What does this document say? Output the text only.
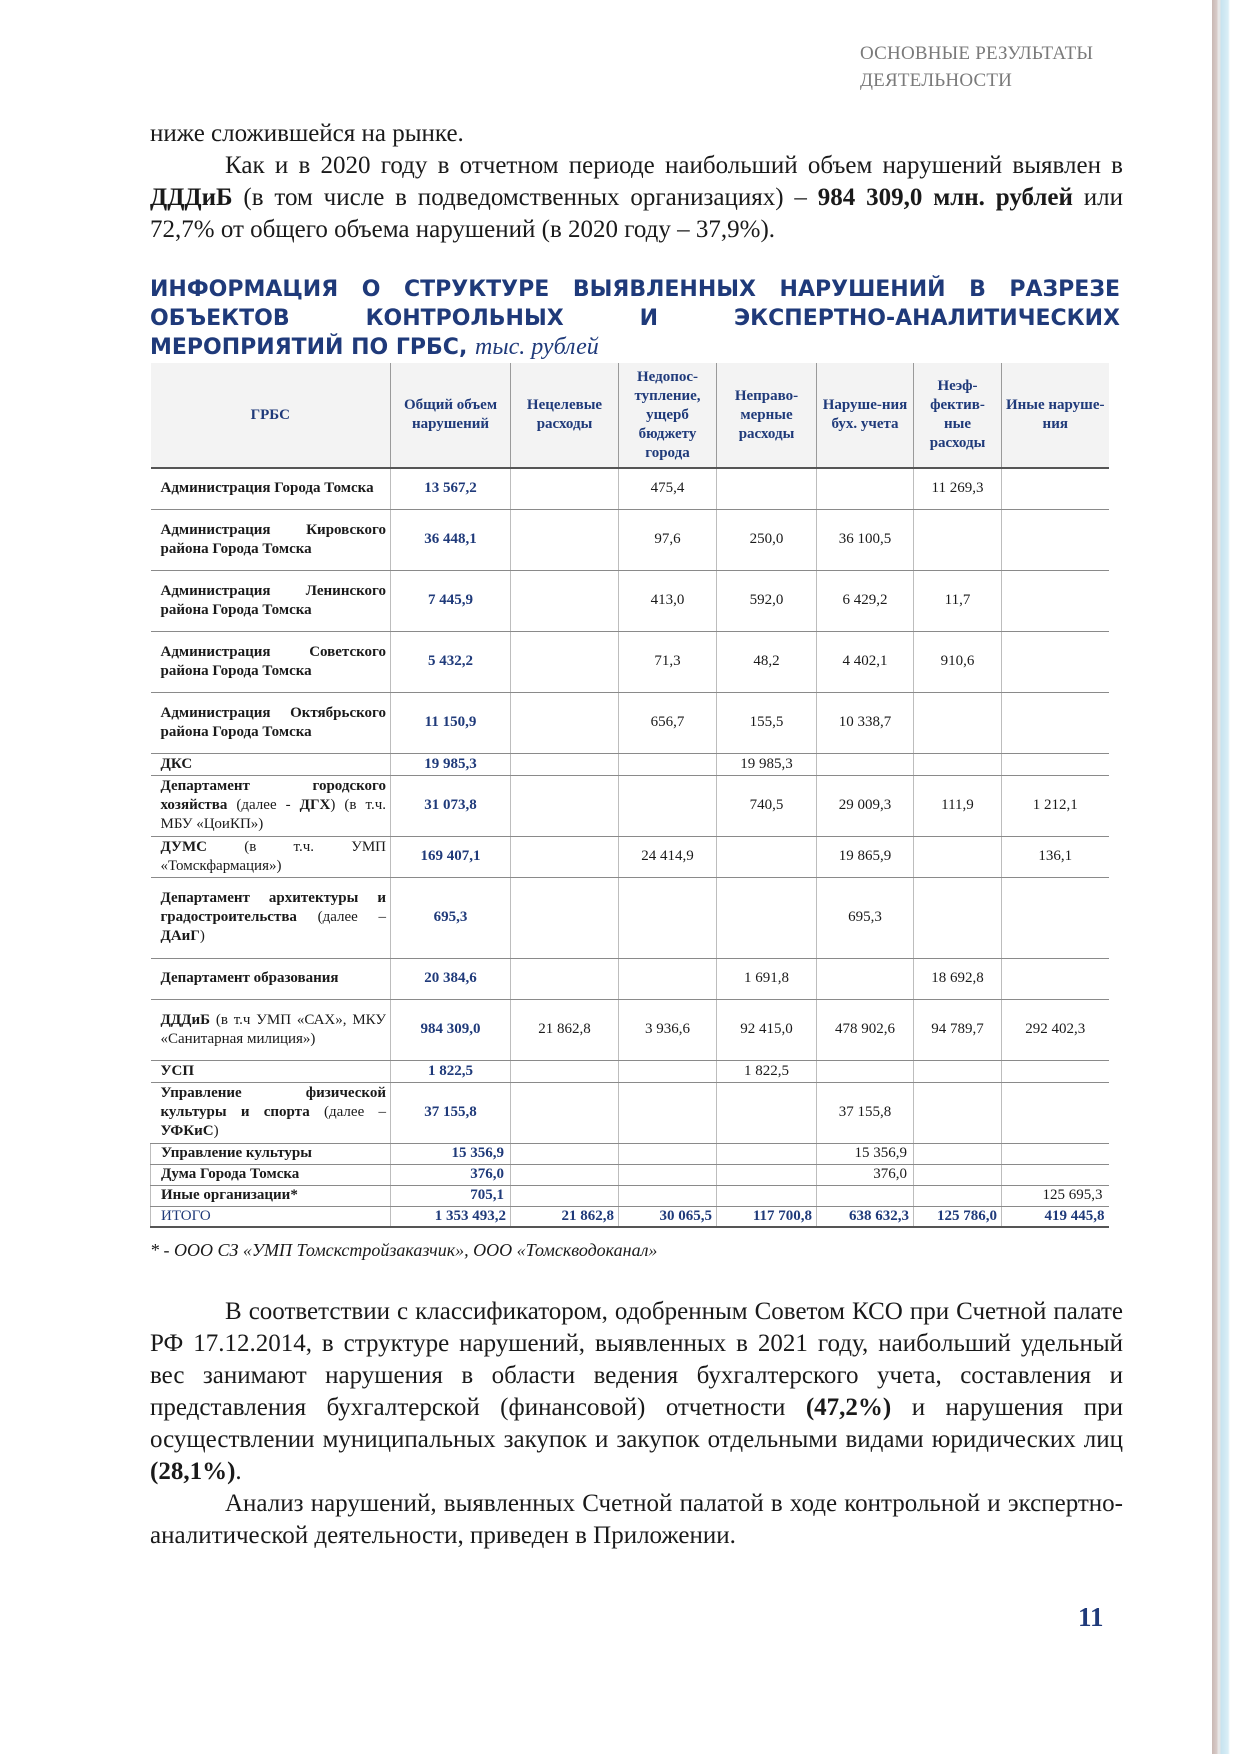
ОСНОВНЫЕ РЕЗУЛЬТАТЫ
ДЕЯТЕЛЬНОСТИ
ниже сложившейся на рынке.
Как и в 2020 году в отчетном периоде наибольший объем нарушений выявлен в ДДДиБ (в том числе в подведомственных организациях) – 984 309,0 млн. рублей или 72,7% от общего объема нарушений (в 2020 году – 37,9%).
ИНФОРМАЦИЯ О СТРУКТУРЕ ВЫЯВЛЕННЫХ НАРУШЕНИЙ В РАЗРЕЗЕ
ОБЪЕКТОВ КОНТРОЛЬНЫХ И ЭКСПЕРТНО-АНАЛИТИЧЕСКИХ
МЕРОПРИЯТИЙ ПО ГРБС, тыс. рублей
ГРБС	Общий объем нарушений	Нецелевые расходы	Недопос-тупление, ущерб бюджету города	Неправо-мерные расходы	Наруше-ния бух. учета	Неэф-фектив-ные расходы	Иные наруше-ния
Администрация Города Томска	13 567,2		475,4			11 269,3	
Администрация Кировского района Города Томска	36 448,1		97,6	250,0	36 100,5		
Администрация Ленинского района Города Томска	7 445,9		413,0	592,0	6 429,2	11,7	
Администрация Советского района Города Томска	5 432,2		71,3	48,2	4 402,1	910,6	
Администрация Октябрьского района Города Томска	11 150,9		656,7	155,5	10 338,7		
ДКС	19 985,3			19 985,3			
Департамент городского хозяйства (далее - ДГХ) (в т.ч. МБУ «ЦоиКП»)	31 073,8			740,5	29 009,3	111,9	1 212,1
ДУМС (в т.ч. УМП «Томскфармация»)	169 407,1		24 414,9		19 865,9		136,1
Департамент архитектуры и градостроительства (далее – ДАиГ)	695,3				695,3		
Департамент образования	20 384,6			1 691,8		18 692,8	
ДДДиБ (в т.ч УМП «САХ», МКУ «Санитарная милиция»)	984 309,0	21 862,8	3 936,6	92 415,0	478 902,6	94 789,7	292 402,3
УСП	1 822,5			1 822,5			
Управление физической культуры и спорта (далее – УФКиС)	37 155,8				37 155,8		
Управление культуры	15 356,9				15 356,9		
Дума Города Томска	376,0				376,0		
Иные организации*	705,1						125 695,3
ИТОГО	1 353 493,2	21 862,8	30 065,5	117 700,8	638 632,3	125 786,0	419 445,8
* - ООО СЗ «УМП Томскстройзаказчик», ООО «Томскводоканал»
В соответствии с классификатором, одобренным Советом КСО при Счетной палате РФ 17.12.2014, в структуре нарушений, выявленных в 2021 году, наибольший удельный вес занимают нарушения в области ведения бухгалтерского учета, составления и представления бухгалтерской (финансовой) отчетности (47,2%) и нарушения при осуществлении муниципальных закупок и закупок отдельными видами юридических лиц (28,1%).
Анализ нарушений, выявленных Счетной палатой в ходе контрольной и экспертно-аналитической деятельности, приведен в Приложении.
11
